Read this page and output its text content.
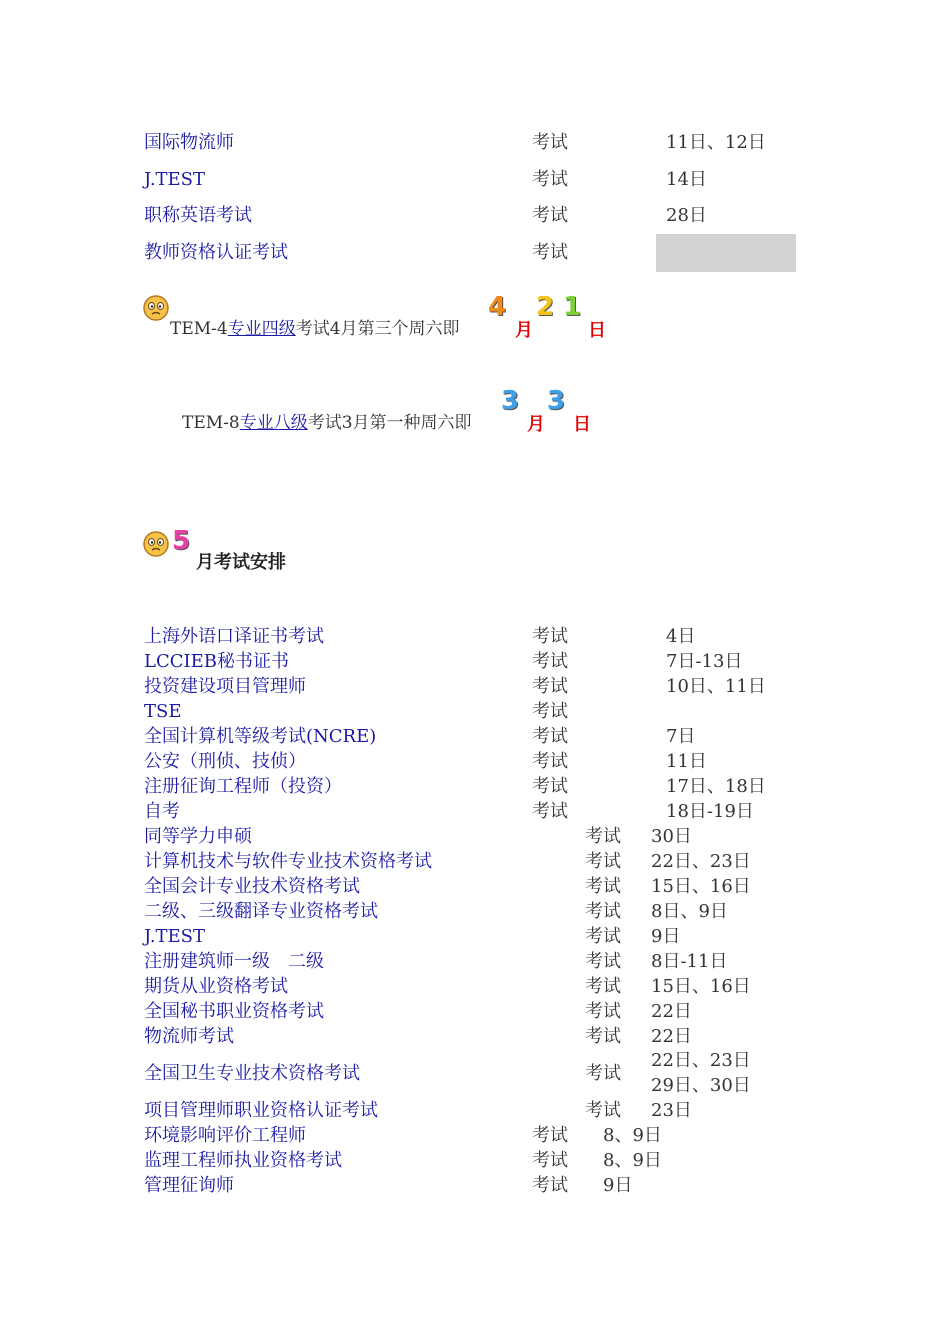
国际物流师	考试	11日、12日
J.TEST	考试	14日
职称英语考试	考试	28日
教师资格认证考试	考试
TEM-4专业四级考试4月第三个周六即
4
月
2 1
日
TEM-8专业八级考试3月第一种周六即
3
月
3
日
5
月考试安排
上海外语口译证书考试	考试	4日
LCCIEB秘书证书	考试	7日-13日
投资建设项目管理师	考试	10日、11日
TSE	考试
全国计算机等级考试(NCRE)	考试	7日
公安（刑侦、技侦）	考试	11日
注册征询工程师（投资）	考试	17日、18日
自考	考试	18日-19日
同等学力申硕	考试 30日
计算机技术与软件专业技术资格考试	考试 22日、23日
全国会计专业技术资格考试	考试 15日、16日
二级、三级翻译专业资格考试	考试 8日、9日
J.TEST	考试 9日
注册建筑师一级　二级	考试 8日-11日
期货从业资格考试	考试 15日、16日
全国秘书职业资格考试	考试 22日
物流师考试	考试 22日
全国卫生专业技术资格考试	考试
22日、23日
29日、30日
项目管理师职业资格认证考试	考试 23日
环境影响评价工程师	考试 8、9日
监理工程师执业资格考试	考试 8、9日
管理征询师	考试 9日
